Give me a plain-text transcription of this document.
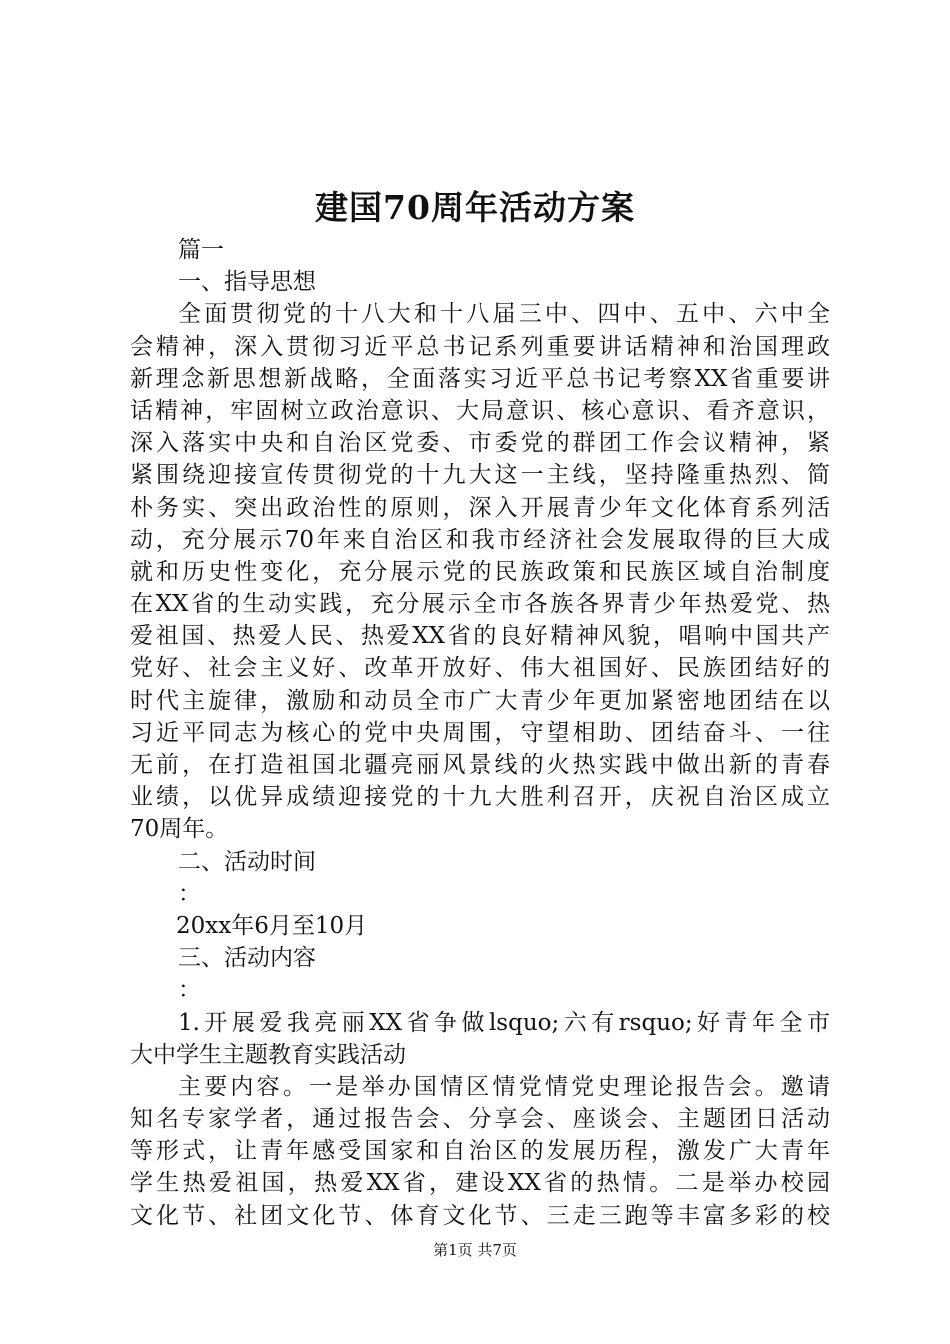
建国70周年活动方案
篇一
一、指导思想
全面贯彻党的十八大和十八届三中、四中、五中、六中全
会精神，深入贯彻习近平总书记系列重要讲话精神和治国理政
新理念新思想新战略，全面落实习近平总书记考察XX省重要讲
话精神，牢固树立政治意识、大局意识、核心意识、看齐意识，
深入落实中央和自治区党委、市委党的群团工作会议精神，紧
紧围绕迎接宣传贯彻党的十九大这一主线，坚持隆重热烈、简
朴务实、突出政治性的原则，深入开展青少年文化体育系列活
动，充分展示70年来自治区和我市经济社会发展取得的巨大成
就和历史性变化，充分展示党的民族政策和民族区域自治制度
在XX省的生动实践，充分展示全市各族各界青少年热爱党、热
爱祖国、热爱人民、热爱XX省的良好精神风貌，唱响中国共产
党好、社会主义好、改革开放好、伟大祖国好、民族团结好的
时代主旋律，激励和动员全市广大青少年更加紧密地团结在以
习近平同志为核心的党中央周围，守望相助、团结奋斗、一往
无前，在打造祖国北疆亮丽风景线的火热实践中做出新的青春
业绩，以优异成绩迎接党的十九大胜利召开，庆祝自治区成立
70周年。
二、活动时间
：
20xx年6月至10月
三、活动内容
：
1.开展爱我亮丽XX省争做lsquo;六有rsquo;好青年全市
大中学生主题教育实践活动
主要内容。一是举办国情区情党情党史理论报告会。邀请
知名专家学者，通过报告会、分享会、座谈会、主题团日活动
等形式，让青年感受国家和自治区的发展历程，激发广大青年
学生热爱祖国，热爱XX省，建设XX省的热情。二是举办校园
文化节、社团文化节、体育文化节、三走三跑等丰富多彩的校
第1页 共7页
